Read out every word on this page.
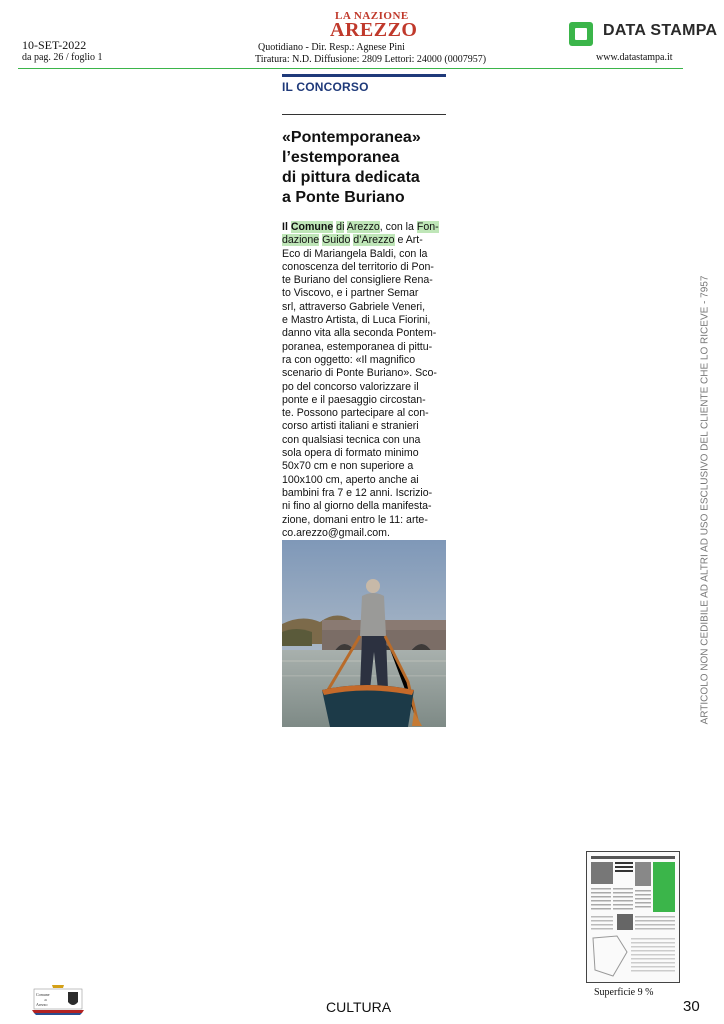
10-SET-2022
da pag. 26 / foglio 1
LA NAZIONE
AREZZO
Quotidiano - Dir. Resp.: Agnese Pini
Tiratura: N.D. Diffusione: 2809 Lettori: 24000 (0007957)
DATA STAMPA
www.datastampa.it
IL CONCORSO
«Pontemporanea»
l’estemporanea
di pittura dedicata
a Ponte Buriano
Il Comune di Arezzo, con la Fon-
dazione Guido d’Arezzo e Art-
Eco di Mariangela Baldi, con la
conoscenza del territorio di Pon-
te Buriano del consigliere Rena-
to Viscovo, e i partner Semar
srl, attraverso Gabriele Veneri,
e Mastro Artista, di Luca Fiorini,
danno vita alla seconda Pontem-
poranea, estemporanea di pittu-
ra con oggetto: «Il magnifico
scenario di Ponte Buriano». Sco-
po del concorso valorizzare il
ponte e il paesaggio circostan-
te. Possono partecipare al con-
corso artisti italiani e stranieri
con qualsiasi tecnica con una
sola opera di formato minimo
50x70 cm e non superiore a
100x100 cm, aperto anche ai
bambini fra 7 e 12 anni. Iscrizio-
ni fino al giorno della manifesta-
zione, domani entro le 11: arte-
co.arezzo@gmail.com.	ARTICOLO NON CEDIBILE AD ALTRI AD USO ESCLUSIVO DEL CLIENTE CHE LO RICEVE - 7957
Superficie 9 %
Comune
di
Arezzo	CULTURA	30
